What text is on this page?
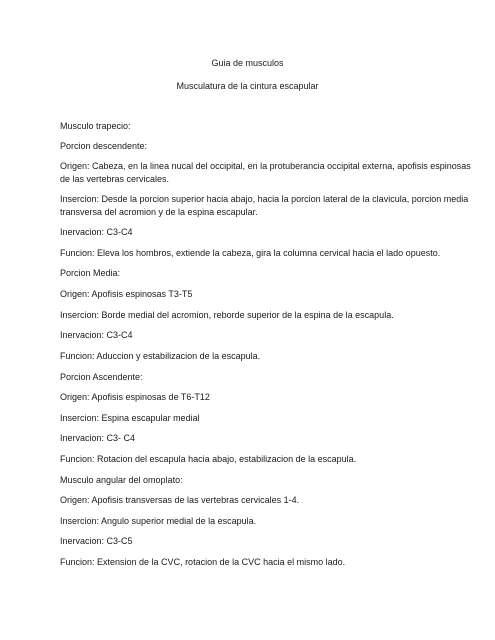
Guia de musculos
Musculatura de la cintura escapular
Musculo trapecio:
Porcion descendente:
Origen: Cabeza, en la linea nucal del occipital, en la protuberancia occipital externa, apofisis espinosas
de las vertebras cervicales.
Insercion: Desde la porcion superior hacia abajo, hacia la porcion lateral de la clavicula, porcion media
transversa del acromion y de la espina escapular.
Inervacion: C3-C4
Funcion: Eleva los hombros, extiende la cabeza, gira la columna cervical hacia el lado opuesto.
Porcion Media:
Origen: Apofisis espinosas T3-T5
Insercion: Borde medial del acromion, reborde superior de la espina de la escapula.
Inervacion: C3-C4
Funcion: Aduccion y estabilizacion de la escapula.
Porcion Ascendente:
Origen: Apofisis espinosas de T6-T12
Insercion: Espina escapular medial
Inervacion: C3- C4
Funcion: Rotacion del escapula hacia abajo, estabilizacion de la escapula.
Musculo angular del omoplato:
Origen: Apofisis transversas de las vertebras cervicales 1-4.
Insercion: Angulo superior medial de la escapula.
Inervacion: C3-C5
Funcion: Extension de la CVC, rotacion de la CVC hacia el mismo lado.
